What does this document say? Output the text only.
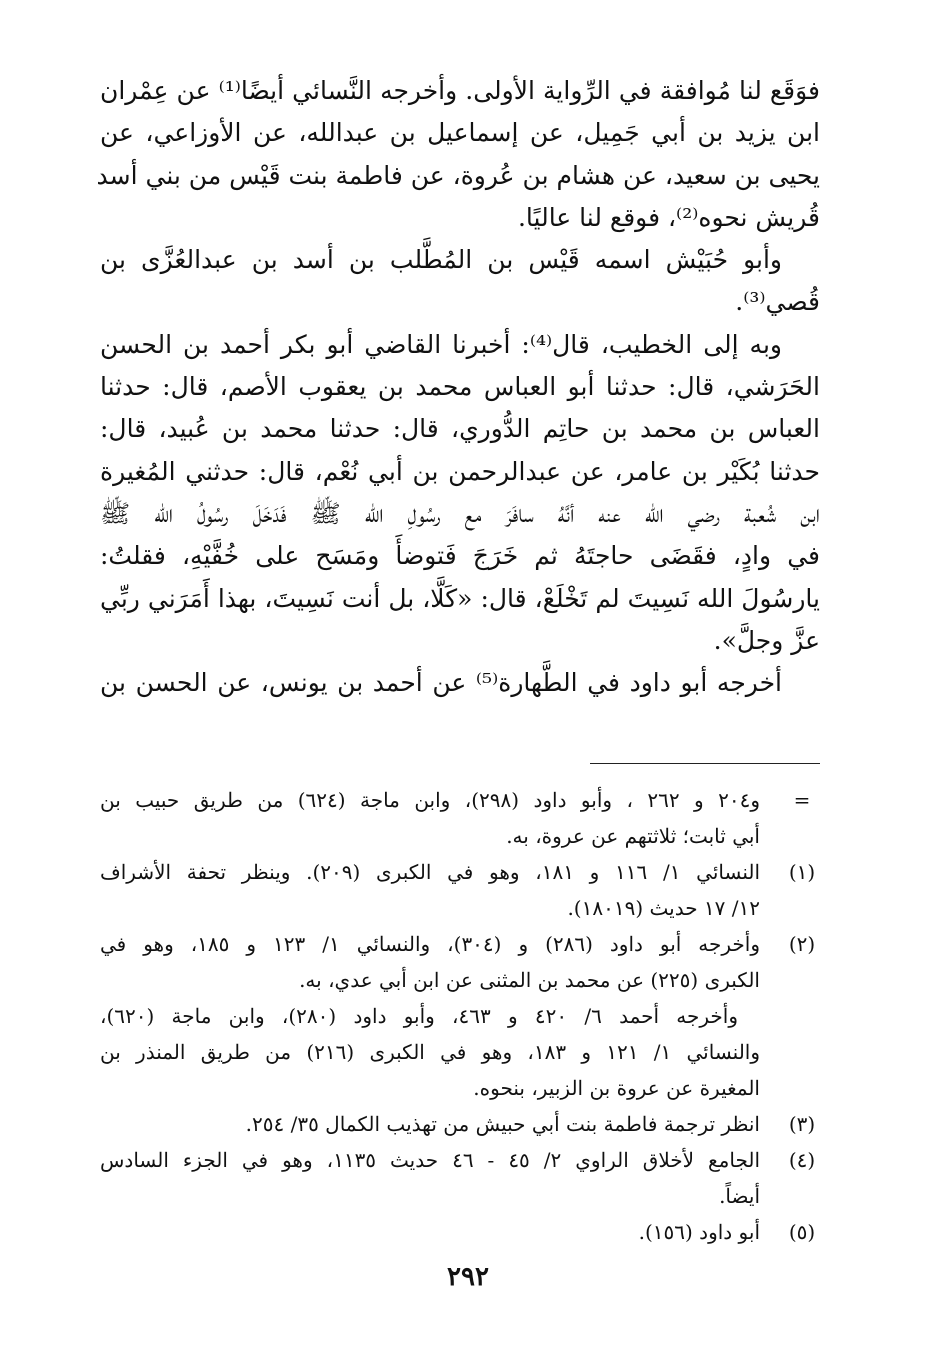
فوَقَع لنا مُوافقة في الرِّواية الأولى. وأخرجه النَّسائي أيضًا⁽¹⁾ عن عِمْران
ابن يزيد بن أبي جَمِيل، عن إسماعيل بن عبدالله، عن الأوزاعي، عن
يحيى بن سعيد، عن هشام بن عُروة، عن فاطمة بنت قَيْس من بني أسد
قُريش نحوه⁽²⁾، فوقع لنا عاليًا.
وأبو حُبَيْش اسمه قَيْس بن المُطَّلب بن أسد بن عبدالعُزَّى بن
قُصي⁽³⁾.
وبه إلى الخطيب، قال⁽⁴⁾: أخبرنا القاضي أبو بكر أحمد بن الحسن
الحَرَشي، قال: حدثنا أبو العباس محمد بن يعقوب الأصم، قال: حدثنا
العباس بن محمد بن حاتِم الدُّوري، قال: حدثنا محمد بن عُبيد، قال:
حدثنا بُكَيْر بن عامر، عن عبدالرحمن بن أبي نُعْم، قال: حدثني المُغيرة
ابن شُعبة رضي الله عنه أنَّهُ سافَرَ مع رسُولِ الله ﷺ فَدَخَلَ رسُولُ الله ﷺ
في وادٍ، فقَضَى حاجتَهُ ثم خَرَجَ فَتوضأَ ومَسَح على خُفَّيْهِ، فقلتُ:
يارسُولَ الله نَسِيتَ لم تَخْلَعْ، قال: «كَلَّا، بل أنت نَسِيتَ، بهذا أَمَرَني ربِّي
عزَّ وجلَّ».
أخرجه أبو داود في الطَّهارة⁽⁵⁾ عن أحمد بن يونس، عن الحسن بن
=
و٢٠٤ و ٢٦٢ ، وأبو داود (٢٩٨)، وابن ماجة (٦٢٤) من طريق حبيب بن
أبي ثابت؛ ثلاثتهم عن عروة، به.
(١)
النسائي ١/ ١١٦ و ١٨١، وهو في الكبرى (٢٠٩). وينظر تحفة الأشراف
١٢/ ١٧ حديث (١٨٠١٩).
(٢)
وأخرجه أبو داود (٢٨٦) و (٣٠٤)، والنسائي ١/ ١٢٣ و ١٨٥، وهو في
الكبرى (٢٢٥) عن محمد بن المثنى عن ابن أبي عدي، به.
وأخرجه أحمد ٦/ ٤٢٠ و ٤٦٣، وأبو داود (٢٨٠)، وابن ماجة (٦٢٠)،
والنسائي ١/ ١٢١ و ١٨٣، وهو في الكبرى (٢١٦) من طريق المنذر بن
المغيرة عن عروة بن الزبير، بنحوه.
(٣)
انظر ترجمة فاطمة بنت أبي حبيش من تهذيب الكمال ٣٥/ ٢٥٤.
(٤)
الجامع لأخلاق الراوي ٢/ ٤٥ - ٤٦ حديث ١١٣٥، وهو في الجزء السادس
أيضاً.
(٥)
أبو داود (١٥٦).
٢٩٢
